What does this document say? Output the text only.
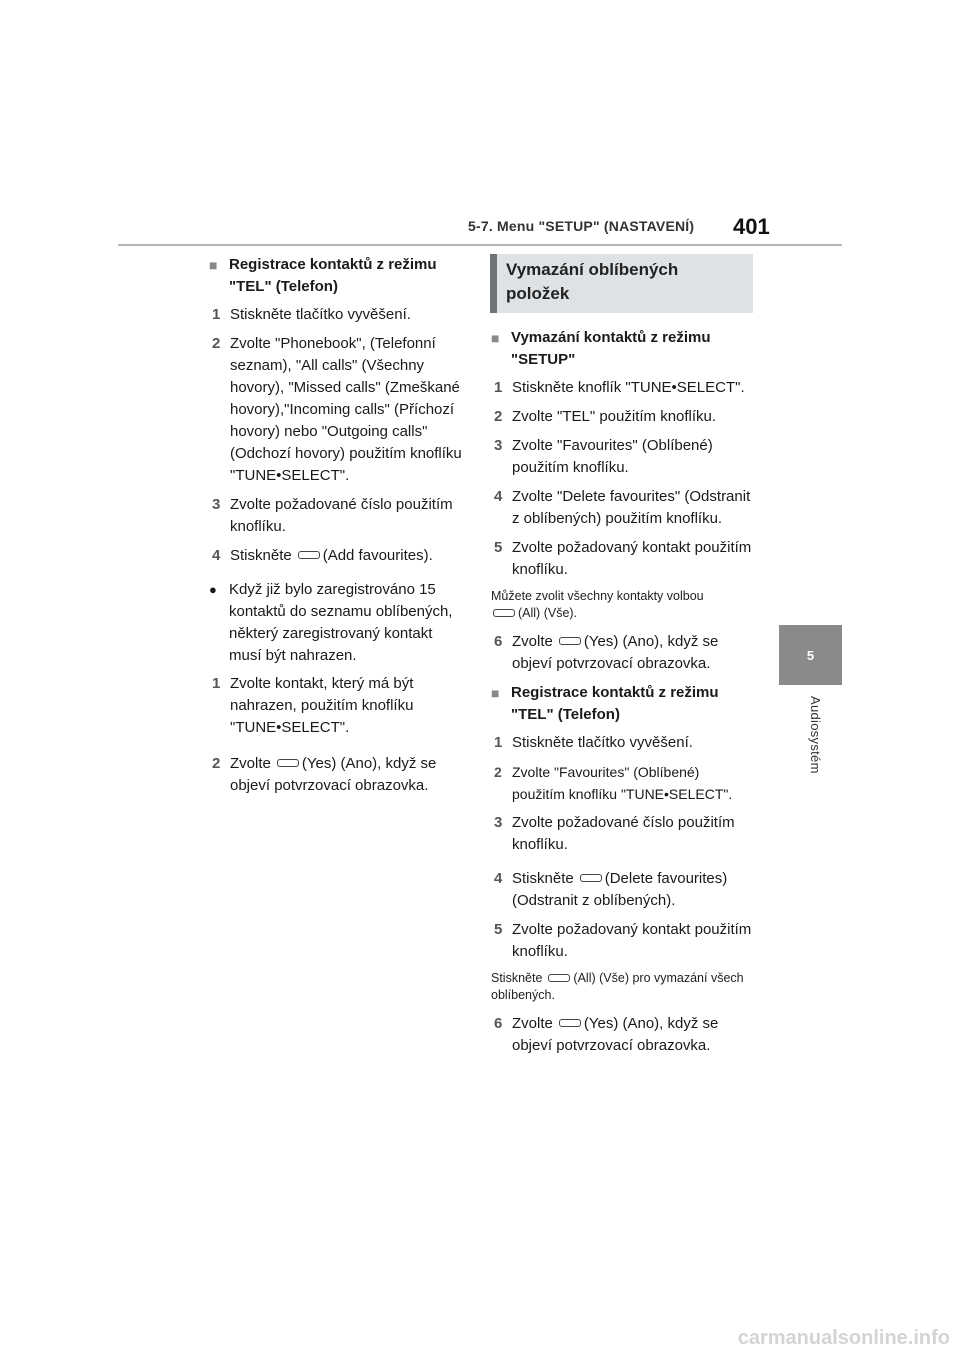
5-7. Menu "SETUP" (NASTAVENÍ) 401
5
Audiosystém
■ Registrace kontaktů z režimu "TEL" (Telefon)
1 Stiskněte tlačítko vyvěšení.
2 Zvolte "Phonebook", (Telefonní seznam), "All calls" (Všechny hovory), "Missed calls" (Zmeškané hovory),"Incoming calls" (Příchozí hovory) nebo "Outgoing calls" (Odchozí hovory) použitím knoflíku "TUNE•SELECT".
3 Zvolte požadované číslo použitím knoflíku.
4 Stiskněte (Add favourites).
● Když již bylo zaregistrováno 15 kontaktů do seznamu oblíbených, některý zaregistrovaný kontakt musí být nahrazen.
1 Zvolte kontakt, který má být nahrazen, použitím knoflíku "TUNE•SELECT".
2 Zvolte (Yes) (Ano), když se objeví potvrzovací obrazovka.
Vymazání oblíbených položek
■ Vymazání kontaktů z režimu "SETUP"
1 Stiskněte knoflík "TUNE•SELECT".
2 Zvolte "TEL" použitím knoflíku.
3 Zvolte "Favourites" (Oblíbené) použitím knoflíku.
4 Zvolte "Delete favourites" (Odstranit z oblíbených) použitím knoflíku.
5 Zvolte požadovaný kontakt použitím knoflíku.
Můžete zvolit všechny kontakty volbou
(All) (Vše).
6 Zvolte (Yes) (Ano), když se objeví potvrzovací obrazovka.
■ Registrace kontaktů z režimu "TEL" (Telefon)
1 Stiskněte tlačítko vyvěšení.
2 Zvolte "Favourites" (Oblíbené) použitím knoflíku "TUNE•SELECT".
3 Zvolte požadované číslo použitím knoflíku.
4 Stiskněte (Delete favourites) (Odstranit z oblíbených).
5 Zvolte požadovaný kontakt použitím knoflíku.
Stiskněte (All) (Vše) pro vymazání všech oblíbených.
6 Zvolte (Yes) (Ano), když se objeví potvrzovací obrazovka.
carmanualsonline.info
